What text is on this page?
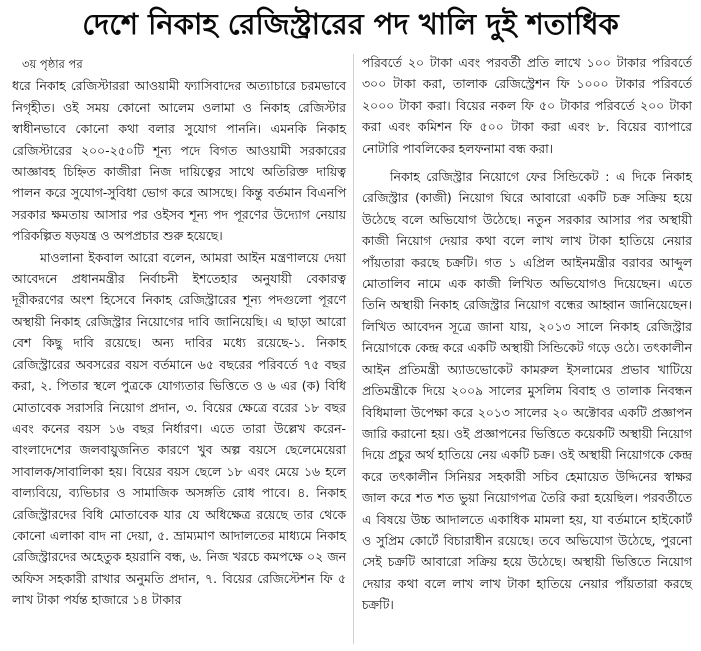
দেশে নিকাহ রেজিস্ট্রারের পদ খালি দুই শতাধিক

৩য় পৃষ্ঠার পর

ধরে নিকাহ রেজিস্টাররা আওয়ামী ফ্যাসিবাদের অত্যাচারে চরমভাবে নিগৃহীত। ওই সময় কোনো আলেম ওলামা ও নিকাহ রেজিস্টার স্বাধীনভাবে কোনো কথা বলার সুযোগ পাননি। এমনকি নিকাহ রেজিস্টারের ২০০-২৫০টি শূন্য পদে বিগত আওয়ামী সরকারের আজ্ঞাবহ চিহ্নিত কাজীরা নিজ দায়িত্বের সাথে অতিরিক্ত দায়িত্ব পালন করে সুযোগ-সুবিধা ভোগ করে আসছে। কিন্তু বর্তমান বিএনপি সরকার ক্ষমতায় আসার পর ওইসব শূন্য পদ পূরণের উদ্যোগ নেয়ায় পরিকল্পিত ষড়যন্ত্র ও অপপ্রচার শুরু হয়েছে।

মাওলানা ইকবাল আরো বলেন, আমরা আইন মন্ত্রণালয়ে দেয়া আবেদনে প্রধানমন্ত্রীর নির্বাচনী ইশতেহার অনুযায়ী বেকারত্ব দূরীকরণের অংশ হিসেবে নিকাহ রেজিস্ট্রারের শূন্য পদগুলো পূরণে অস্থায়ী নিকাহ রেজিস্ট্রার নিয়োগের দাবি জানিয়েছি। এ ছাড়া আরো বেশ কিছু দাবি রয়েছে। অন্য দাবির মধ্যে রয়েছে-১. নিকাহ রেজিস্ট্রারের অবসরের বয়স বর্তমানে ৬৫ বছরের পরিবর্তে ৭৫ বছর করা, ২. পিতার স্থলে পুত্রকে যোগ্যতার ভিত্তিতে ও ৬ এর (ক) বিধি মোতাবেক সরাসরি নিয়োগ প্রদান, ৩. বিয়ের ক্ষেত্রে বরের ১৮ বছর এবং কনের বয়স ১৬ বছর নির্ধারণ। এতে তারা উল্লেখ করেন- বাংলাদেশের জলবায়ুজনিত কারণে খুব অল্প বয়সে ছেলেমেয়েরা সাবালক/সাবালিকা হয়। বিয়ের বয়স ছেলে ১৮ এবং মেয়ে ১৬ হলে বাল্যবিয়ে, ব্যভিচার ও সামাজিক অসঙ্গতি রোধ পাবে। ৪. নিকাহ রেজিস্ট্রারদের বিধি মোতাবেক যার যে অধিক্ষেত্র রয়েছে তার থেকে কোনো এলাকা বাদ না দেয়া, ৫. ভ্রাম্যমাণ আদালতের মাধ্যমে নিকাহ রেজিস্ট্রারদের অহেতুক হয়রানি বন্ধ, ৬. নিজ খরচে কমপক্ষে ০২ জন অফিস সহকারী রাখার অনুমতি প্রদান, ৭. বিয়ের রেজিস্টেশন ফি ৫ লাখ টাকা পর্যন্ত হাজারে ১৪ টাকার

পরিবর্তে ২০ টাকা এবং পরবর্তী প্রতি লাখে ১০০ টাকার পরিবর্তে ৩০০ টাকা করা, তালাক রেজিস্ট্রেশন ফি ১০০০ টাকার পরিবর্তে ২০০০ টাকা করা। বিয়ের নকল ফি ৫০ টাকার পরিবর্তে ২০০ টাকা করা এবং কমিশন ফি ৫০০ টাকা করা এবং ৮. বিয়ের ব্যাপারে নোটারি পাবলিকের হলফনামা বন্ধ করা।

নিকাহ রেজিস্ট্রার নিয়োগে ফের সিন্ডিকেট : এ দিকে নিকাহ রেজিস্ট্রার (কাজী) নিয়োগ ঘিরে আবারো একটি চক্র সক্রিয় হয়ে উঠেছে বলে অভিযোগ উঠেছে। নতুন সরকার আসার পর অস্থায়ী কাজী নিয়োগ দেয়ার কথা বলে লাখ লাখ টাকা হাতিয়ে নেয়ার পাঁয়তারা করছে চক্রটি। গত ১ এপ্রিল আইনমন্ত্রীর বরাবর আব্দুল মোতালিব নামে এক কাজী লিখিত অভিযোগও দিয়েছেন। এতে তিনি অস্থায়ী নিকাহ রেজিস্ট্রার নিয়োগ বন্ধের আহ্বান জানিয়েছেন। লিখিত আবেদন সূত্রে জানা যায়, ২০১৩ সালে নিকাহ রেজিস্ট্রার নিয়োগকে কেন্দ্র করে একটি অস্থায়ী সিন্ডিকেট গড়ে ওঠে। তৎকালীন আইন প্রতিমন্ত্রী অ্যাডভোকেট কামরুল ইসলামের প্রভাব খাটিয়ে প্রতিমন্ত্রীকে দিয়ে ২০০৯ সালের মুসলিম বিবাহ ও তালাক নিবন্ধন বিধিমালা উপেক্ষা করে ২০১৩ সালের ২০ অক্টোবর একটি প্রজ্ঞাপন জারি করানো হয়। ওই প্রজ্ঞাপনের ভিত্তিতে কয়েকটি অস্থায়ী নিয়োগ দিয়ে প্রচুর অর্থ হাতিয়ে নেয় একটি চক্র। ওই অস্থায়ী নিয়োগকে কেন্দ্র করে তৎকালীন সিনিয়র সহকারী সচিব হেমায়েত উদ্দিনের স্বাক্ষর জাল করে শত শত ভুয়া নিয়োগপত্র তৈরি করা হয়েছিল। পরবর্তীতে এ বিষয়ে উচ্চ আদালতে একাধিক মামলা হয়, যা বর্তমানে হাইকোর্ট ও সুপ্রিম কোর্টে বিচারাধীন রয়েছে। তবে অভিযোগ উঠেছে, পুরনো সেই চক্রটি আবারো সক্রিয় হয়ে উঠেছে। অস্থায়ী ভিত্তিতে নিয়োগ দেয়ার কথা বলে লাখ লাখ টাকা হাতিয়ে নেয়ার পাঁয়তারা করছে চক্রটি।
